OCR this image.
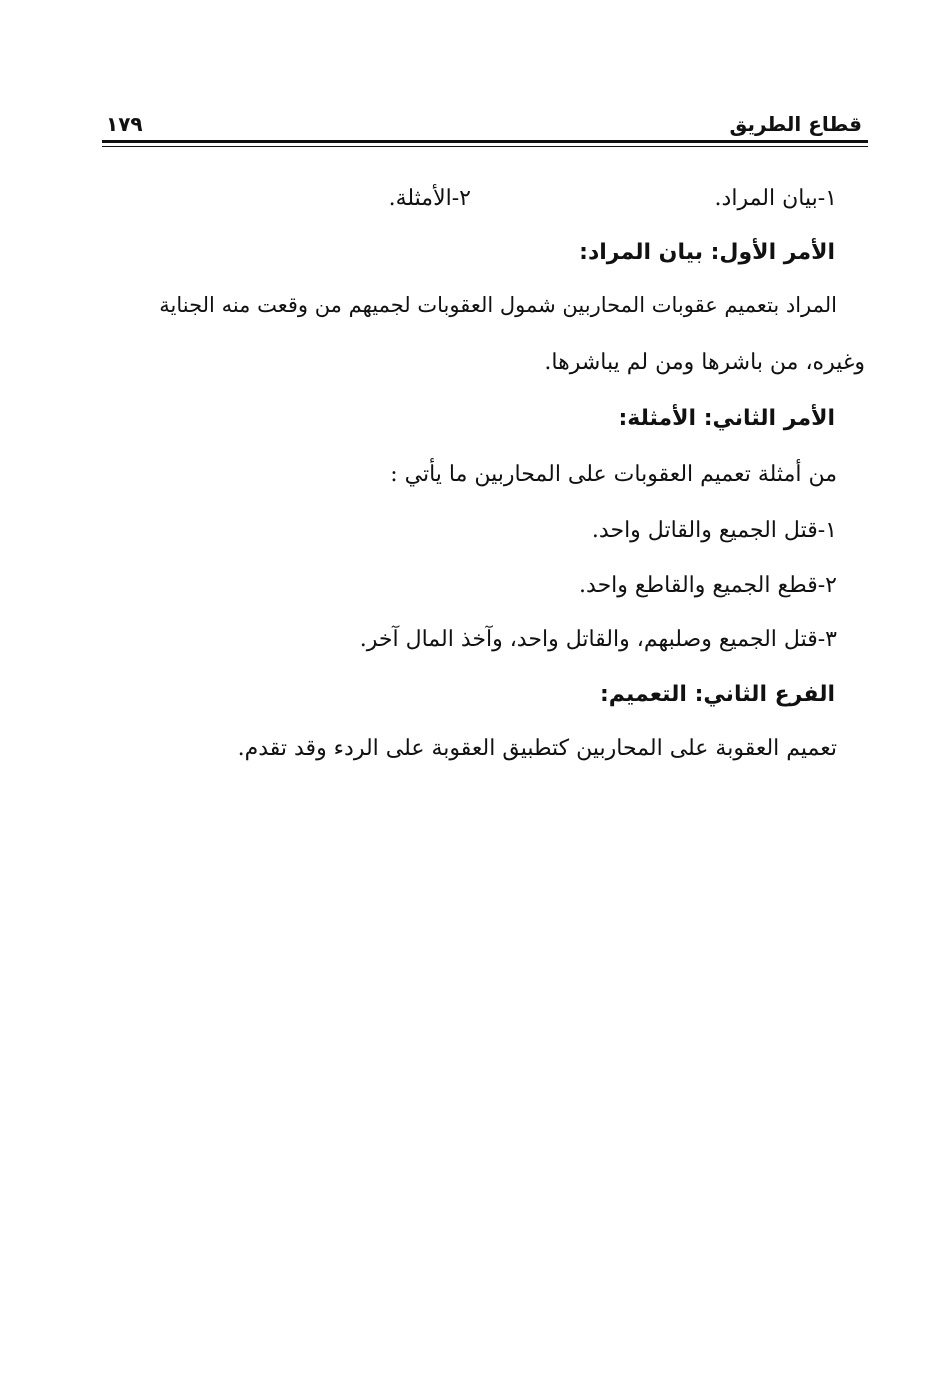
قطاع الطريق
١٧٩
١-بيان المراد.
٢-الأمثلة.
الأمر الأول: بيان المراد:
المراد بتعميم عقوبات المحاربين شمول العقوبات لجميهم من وقعت منه الجناية
وغيره، من باشرها ومن لم يباشرها.
الأمر الثاني: الأمثلة:
من أمثلة تعميم العقوبات على المحاربين ما يأتي :
١-قتل الجميع والقاتل واحد.
٢-قطع الجميع والقاطع واحد.
٣-قتل الجميع وصلبهم، والقاتل واحد، وآخذ المال آخر.
الفرع الثاني: التعميم:
تعميم العقوبة على المحاربين كتطبيق العقوبة على الردء وقد تقدم.
